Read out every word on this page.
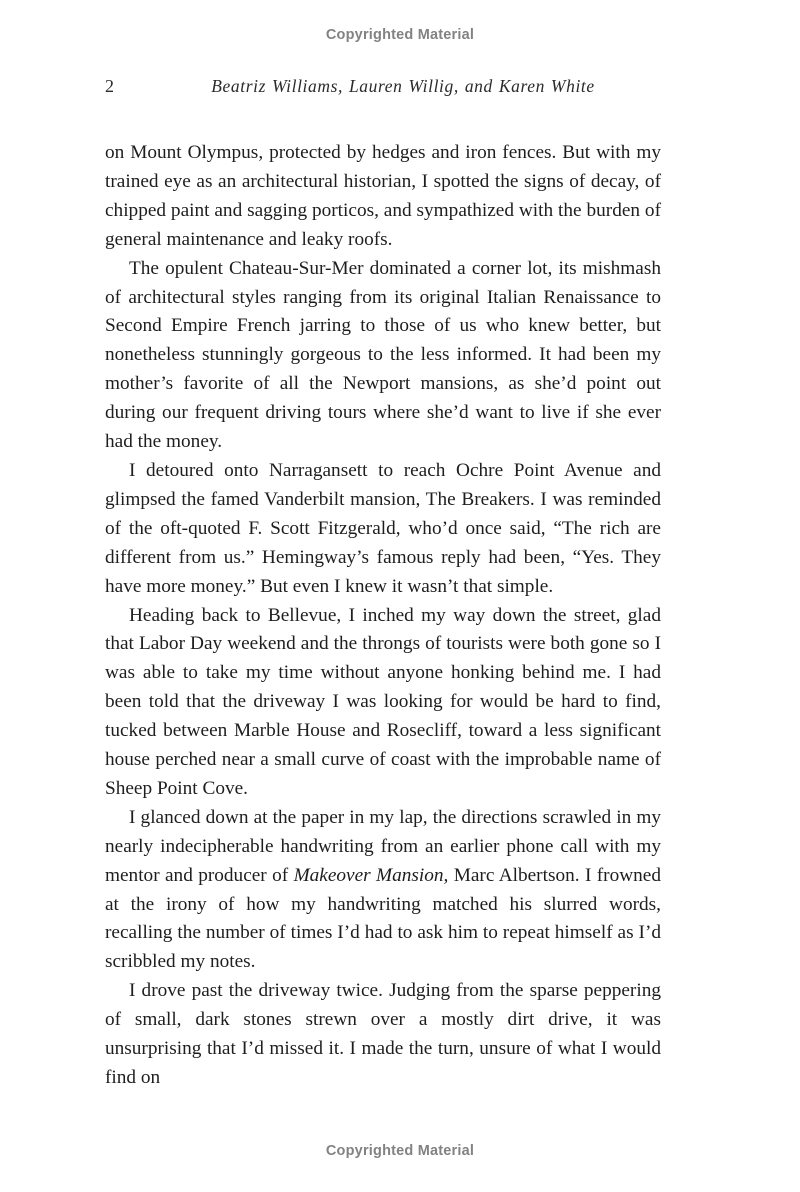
Copyrighted Material
2	Beatriz Williams, Lauren Willig, and Karen White

on Mount Olympus, protected by hedges and iron fences. But with my trained eye as an architectural historian, I spotted the signs of decay, of chipped paint and sagging porticos, and sympathized with the burden of general maintenance and leaky roofs.

The opulent Chateau-Sur-Mer dominated a corner lot, its mishmash of architectural styles ranging from its original Italian Renaissance to Second Empire French jarring to those of us who knew better, but nonetheless stunningly gorgeous to the less informed. It had been my mother’s favorite of all the Newport mansions, as she’d point out during our frequent driving tours where she’d want to live if she ever had the money.

I detoured onto Narragansett to reach Ochre Point Avenue and glimpsed the famed Vanderbilt mansion, The Breakers. I was reminded of the oft-quoted F. Scott Fitzgerald, who’d once said, “The rich are different from us.” Hemingway’s famous reply had been, “Yes. They have more money.” But even I knew it wasn’t that simple.

Heading back to Bellevue, I inched my way down the street, glad that Labor Day weekend and the throngs of tourists were both gone so I was able to take my time without anyone honking behind me. I had been told that the driveway I was looking for would be hard to find, tucked between Marble House and Rosecliff, toward a less significant house perched near a small curve of coast with the improbable name of Sheep Point Cove.

I glanced down at the paper in my lap, the directions scrawled in my nearly indecipherable handwriting from an earlier phone call with my mentor and producer of Makeover Mansion, Marc Albertson. I frowned at the irony of how my handwriting matched his slurred words, recalling the number of times I’d had to ask him to repeat himself as I’d scribbled my notes.

I drove past the driveway twice. Judging from the sparse peppering of small, dark stones strewn over a mostly dirt drive, it was unsurprising that I’d missed it. I made the turn, unsure of what I would find on

Copyrighted Material
